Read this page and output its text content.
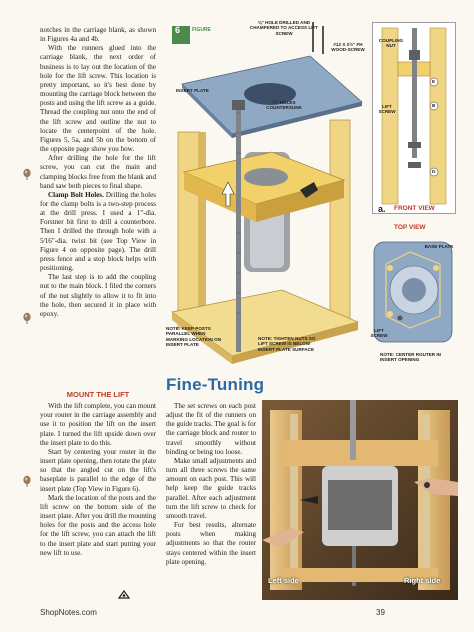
notches in the carriage blank, as shown in Figures 4a and 4b.

With the runners glued into the carriage blank, the next order of business is to lay out the location of the hole for the lift screw. This location is pretty important, so it's best done by mounting the carriage block between the posts and using the lift screw as a guide. Thread the coupling nut onto the end of the lift screw and outline the nut to locate the centerpoint of the hole. Figures 5, 5a, and 5b on the bottom of the opposite page show you how.

After drilling the hole for the lift screw, you can cut the main and clamping blocks free from the blank and band saw both pieces to final shape.

Clamp Bolt Holes. Drilling the holes for the clamp bolts is a two-step process at the drill press. I used a 1"-dia. Forstner bit first to drill a counterbore. Then I drilled the through hole with a 5⁄16"-dia. twist bit (see Top View in Figure 4 on opposite page). The drill press fence and a stop block helps with positioning.

The last step is to add the coupling nut to the main block. I filed the corners of the nut slightly to allow it to fit into the hole, then secured it in place with epoxy.

MOUNT THE LIFT

With the lift complete, you can mount your router in the carriage assembly and use it to position the lift on the insert plate. I turned the lift upside down over the insert plate to do this.

Start by centering your router in the insert plate opening, then rotate the plate so that the angled cut on the lift's baseplate is parallel to the edge of the insert plate (Top View in Figure 6).

Mark the location of the posts and the lift screw on the bottom side of the insert plate. After you drill the mounting holes for the posts and the access hole for the lift screw, you can attach the lift to the insert plate and start putting your new lift to use.

Fine-Tuning

The set screws on each post adjust the fit of the runners on the guide tracks. The goal is for the carriage block and router to travel smoothly without binding or being too loose.

Make small adjustments and turn all three screws the same amount on each post. This will help keep the guide tracks parallel. After each adjustment turn the lift screw to check for smooth travel.

For best results, alternate posts when making adjustments so that the router stays centered within the insert plate opening.

Left side	Right side
6 FIGURE
⅜" HOLE DRILLED AND CHAMFERED TO ACCESS LIFT SCREW
#12 X 2½" FH WOOD-SCREW
INSERT PLATE
¼" HOLES COUNTERSUNK
NOTE: KEEP POSTS PARALLEL WHEN MARKING LOCATION ON INSERT PLATE
NOTE: TIGHTEN NUTS SO LIFT SCREW IS BELOW INSERT PLATE SURFACE
COUPLING NUT
LIFT SCREW
E
B
D
a. FRONT VIEW
TOP VIEW
BASE PLATE
LIFT SCREW
NOTE: CENTER ROUTER IN INSERT OPENING
ShopNotes.com	39
